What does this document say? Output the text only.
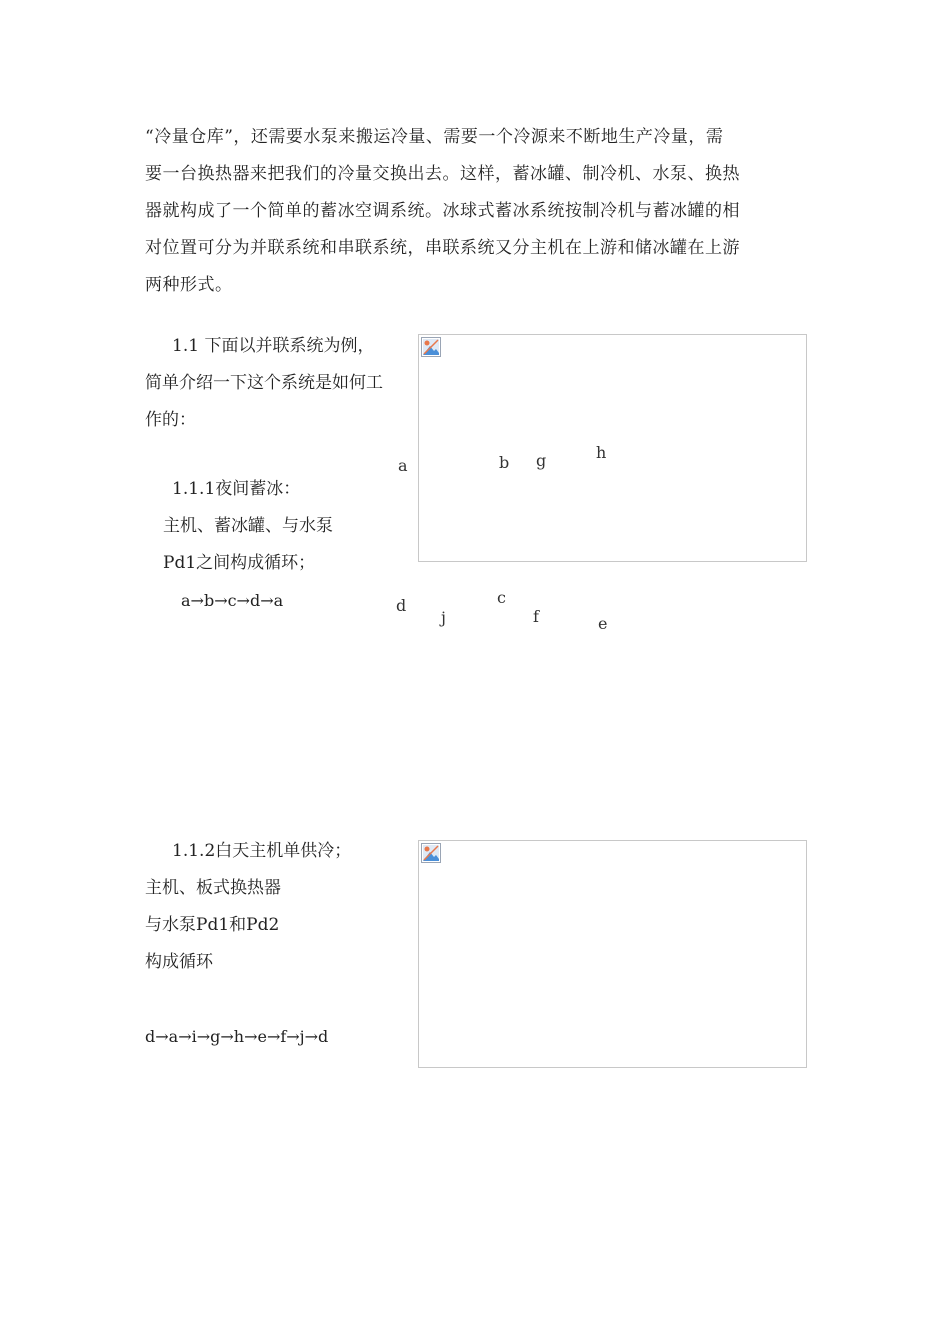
“冷量仓库”，还需要水泵来搬运冷量、需要一个冷源来不断地生产冷量，需
要一台换热器来把我们的冷量交换出去。这样，蓄冰罐、制冷机、水泵、换热
器就构成了一个简单的蓄冰空调系统。冰球式蓄冰系统按制冷机与蓄冰罐的相
对位置可分为并联系统和串联系统，串联系统又分主机在上游和储冰罐在上游
两种形式。
1.1 下面以并联系统为例，
简单介绍一下这个系统是如何工
作的：
1.1.1夜间蓄冰：
主机、蓄冰罐、与水泵
Pd1之间构成循环；
a→b→c→d→a
a	b g	h
d
j
c
f	e
1.1.2白天主机单供冷；
主机、板式换热器
与水泵Pd1和Pd2
构成循环
d→a→i→g→h→e→f→j→d
